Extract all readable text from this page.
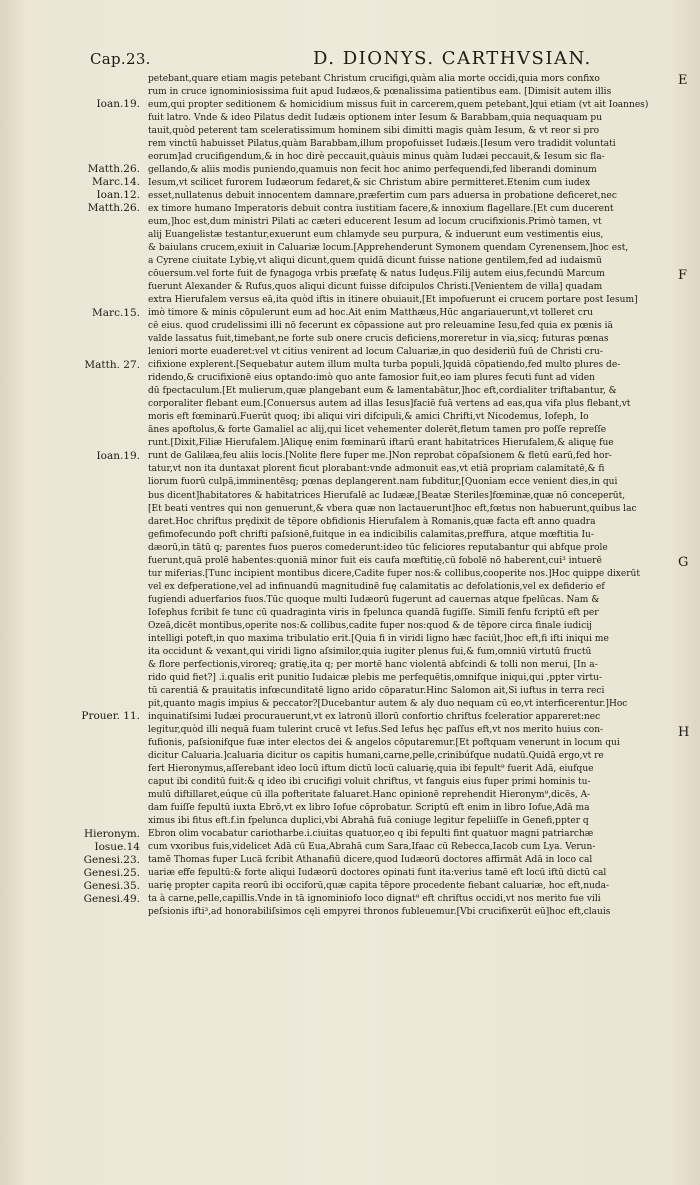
Cap.23.	D. DIONYS. CARTHVSIAN.
Ioan.19.
Matth.26.
Marc.14.
Ioan.12.
Matth.26.
Marc.15.
Matth. 27.
Ioan.19.
Prouer. 11.
Hieronym.
Iosue.14
Genesi.23.
Genesi.25.
Genesi.35.
Genesi.49.
petebant,quare etiam magis petebant Christum crucifigi,quàm alia morte occidi,quia mors confixo
rum in cruce ignominiosissima fuit apud Iudæos,& pœnalissima patientibus eam. [Dimisit autem illis
eum,qui propter seditionem & homicidium missus fuit in carcerem,quem petebant,]qui etiam (vt ait Ioannes)
fuit latro. Vnde & ideo Pilatus dedit Iudæis optionem inter Iesum & Barabbam,quia nequaquam pu
tauit,quòd peterent tam sceleratissimum hominem sibi dimitti magis quàm Iesum, & vt reor si pro
rem vinctū habuisset Pilatus,quàm Barabbam,illum propofuisset Iudæis.[Iesum vero tradidit voluntati
eorum]ad crucifigendum,& in hoc dirè peccauit,quàuis minus quàm Iudæi peccauit,& Iesum sic fla-
gellando,& aliis modis puniendo,quamuis non fecit hoc animo perfequendi,fed liberandi dominum
Iesum,vt scilicet furorem Iudæorum fedaret,& sic Christum abire permitteret.Etenim cum iudex
esset,nullatenus debuit innocentem damnare,præfertim cum pars aduersa in probatione deficeret,nec
ex timore humano Imperatoris debuit contra iustitiam facere,& innoxium flagellare.[Et cum ducerent
eum,]hoc est,dum ministri Pilati ac cæteri educerent Iesum ad locum crucifixionis.Primò tamen, vt
alij Euangelistæ testantur,exuerunt eum chlamyde seu purpura, & induerunt eum vestimentis eius,
& baiulans crucem,exiuit in Caluariæ locum.[Apprehenderunt Symonem quendam Cyrenensem,]hoc est,
a Cyrene ciuitate Lybię,vt aliqui dicunt,quem quidā dicunt fuisse natione gentilem,fed ad iudaismū
cōuersum.vel forte fuit de fynagoga vrbis præfatę & natus Iudęus.Filij autem eius,fecundū Marcum
fuerunt Alexander & Rufus,quos aliqui dicunt fuisse difcipulos Christi.[Venientem de villa] quadam
extra Hierufalem versus eā,ita quòd iftis in itinere obuiauit,[Et impofuerunt ei crucem portare post Iesum]
imò timore & minis cōpulerunt eum ad hoc.Ait enim Matthæus,Hūc angariauerunt,vt tolleret cru
cē eius. quod crudelissimi illi nō fecerunt ex cōpassione aut pro releuamine Iesu,fed quia ex pœnis iā
valde lassatus fuit,timebant,ne forte sub onere crucis deficiens,moreretur in via,sicq; futuras pœnas
leniori morte euaderet:vel vt citius venirent ad locum Caluariæ,in quo desideriū fuū de Christi cru-
cifixione explerent.[Sequebatur autem illum multa turba populi,]quidā cōpatiendo,fed multo plures de-
ridendo,& crucifixionē eius optando:imò quo ante famosior fuit,eo iam plures fecuti funt ad viden
dū fpectaculum.[Et mulierum,quæ plangebant eum & lamentabātur,]hoc eft,cordialiter triftabantur, &
corporaliter flebant eum.[Conuersus autem ad illas Iesus]faciē fuā vertens ad eas,qua vifa plus flebant,vt
moris eft fœminarū.Fuerūt quoq; ibi aliqui viri difcipuli,& amici Chrifti,vt Nicodemus, Iofeph, Io
ānes apoftolus,& forte Gamaliel ac alij,qui licet vehementer dolerēt,fletum tamen pro poſſe repreſſe
runt.[Dixit,Filiæ Hierufalem.]Aliquę enim fœminarū iftarū erant habitatrices Hierufalem,& aliquę fue
runt de Galilæa,feu aliis locis.[Nolite flere fuper me.]Non reprobat cōpaſsionem & fletū earū,fed hor-
tatur,vt non ita duntaxat plorent ficut plorabant:vnde admonuit eas,vt etiā propriam calamitatē,& fi
liorum fuorū culpā,imminentēsq; pœnas deplangerent.nam fubditur,[Quoniam ecce venient dies,in qui
bus dicent]habitatores & habitatrices Hierufalē ac Iudææ,[Beatæ Steriles]fœminæ,quæ nō conceperūt,
[Et beati ventres qui non genuerunt,& vbera quæ non lactauerunt]hoc eft,fœtus non habuerunt,quibus lac
daret.Hoc chriftus prędixit de tēpore obfidionis Hierufalem à Romanis,quæ facta eft anno quadra
gefimofecundo poft chrifti paſsionē,fuitque in ea indicibilis calamitas,preffura, atque mœftitia Iu-
dæorū,in tātū q; parentes fuos pueros comederunt:ideo tūc feliciores reputabantur qui abfque prole
fuerunt,quā prolē habentes:quoniā minor fuit eis caufa mœftitię,cū fobolē nō haberent,cui³ intuerē
tur miferias.[Tunc incipient montibus dicere,Cadite fuper nos:& collibus,cooperite nos.]Hoc quippe dixerūt
vel ex defperatione,vel ad infinuandū magnitudinē fuę calamitatis ac defolationis,vel ex defiderio ef
fugiendi aduerfarios fuos.Tūc quoque multi Iudæorū fugerunt ad cauernas atque fpelūcas. Nam &
Iofephus fcribit fe tunc cū quadraginta viris in fpelunca quandā fugiſſe. Similī fenfu fcriptū eft per
Ozeā,dicēt montibus,operite nos:& collibus,cadite fuper nos:quod & de tēpore circa finale iudicij
intelligi poteft,in quo maxima tribulatio erit.[Quia fi in viridi ligno hæc faciūt,]hoc eft,fi ifti iniqui me
ita occidunt & vexant,qui viridi ligno aſsimilor,quia iugiter plenus fui,& fum,omniū virtutū fructū
& flore perfectionis,viroreq; gratię,ita q; per mortē hanc violentā abfcindi & tolli non merui, [In a-
rido quid fiet?] .i.qualis erit punitio Iudaicæ plebis me perfequētis,omnifque iniqui,qui ,ppter virtu-
tū carentiā & prauitatis infœcunditatē ligno arido cōparatur.Hinc Salomon ait,Si iuftus in terra reci
pit,quanto magis impius & peccator?[Ducebantur autem & aly duo nequam cū eo,vt interficerentur.]Hoc
inquinatiſsimi Iudæi procurauerunt,vt ex latronū illorū confortio chriftus fceleratior appareret:nec
legitur,quòd illi nequā fuam tulerint crucē vt Iefus.Sed Iefus hęc paſſus eft,vt nos merito huius con-
fufionis, paſsionifque fuæ inter electos dei & angelos cōputaremur.[Et poftquam venerunt in locum qui
dicitur Caluaria.]caluaria dicitur os capitis humani,carne,pelle,crinibúfque nudatū.Quidā ergo,vt re
fert Hieronymus,aſſerebant ideo locū iftum dictū locū caluarię,quia ibi fepult⁹ fuerit Adā, eiufque
caput ibi conditū fuit:& q ideo ibi crucifigi voluit chriftus, vt fanguis eius fuper primi hominis tu-
mulū diftillaret,eúque cū illa pofteritate faluaret.Hanc opinionē reprehendit Hieronym⁹,dicēs, A-
dam fuiſſe fepultū iuxta Ebrō,vt ex libro Iofue cōprobatur. Scriptū eft enim in libro Iofue,Adā ma
ximus ibi fitus eft.f.in fpelunca duplici,vbi Abrahā fuā coniuge legitur fepeliiſſe in Genefi,ppter q
Ebron olim vocabatur cariotharbe.i.ciuitas quatuor,eo q ibi fepulti fint quatuor magni patriarchæ
cum vxoribus fuis,videlicet Adā cū Eua,Abrahā cum Sara,Ifaac cū Rebecca,Iacob cum Lya. Verun-
tamē Thomas fuper Lucā fcribit Athanafiū dicere,quod Iudæorū doctores affirmāt Adā in loco cal
uariæ effe fepultū:& forte aliqui Iudæorū doctores opinati funt ita:verius tamē eft locū iftū dictū cal
uarię propter capita reorū ibi occiforū,quæ capita tēpore procedente fiebant caluariæ, hoc eft,nuda-
ta à carne,pelle,capillis.Vnde in tā ignominiofo loco dignat⁹ eft chriftus occidi,vt nos merito fue vili
peſsionis ifti³,ad honorabiliſsimos cęli empyrei thronos fubleuemur.[Vbi crucifixerūt eū]hoc eft,clauis
E
F
G
H
